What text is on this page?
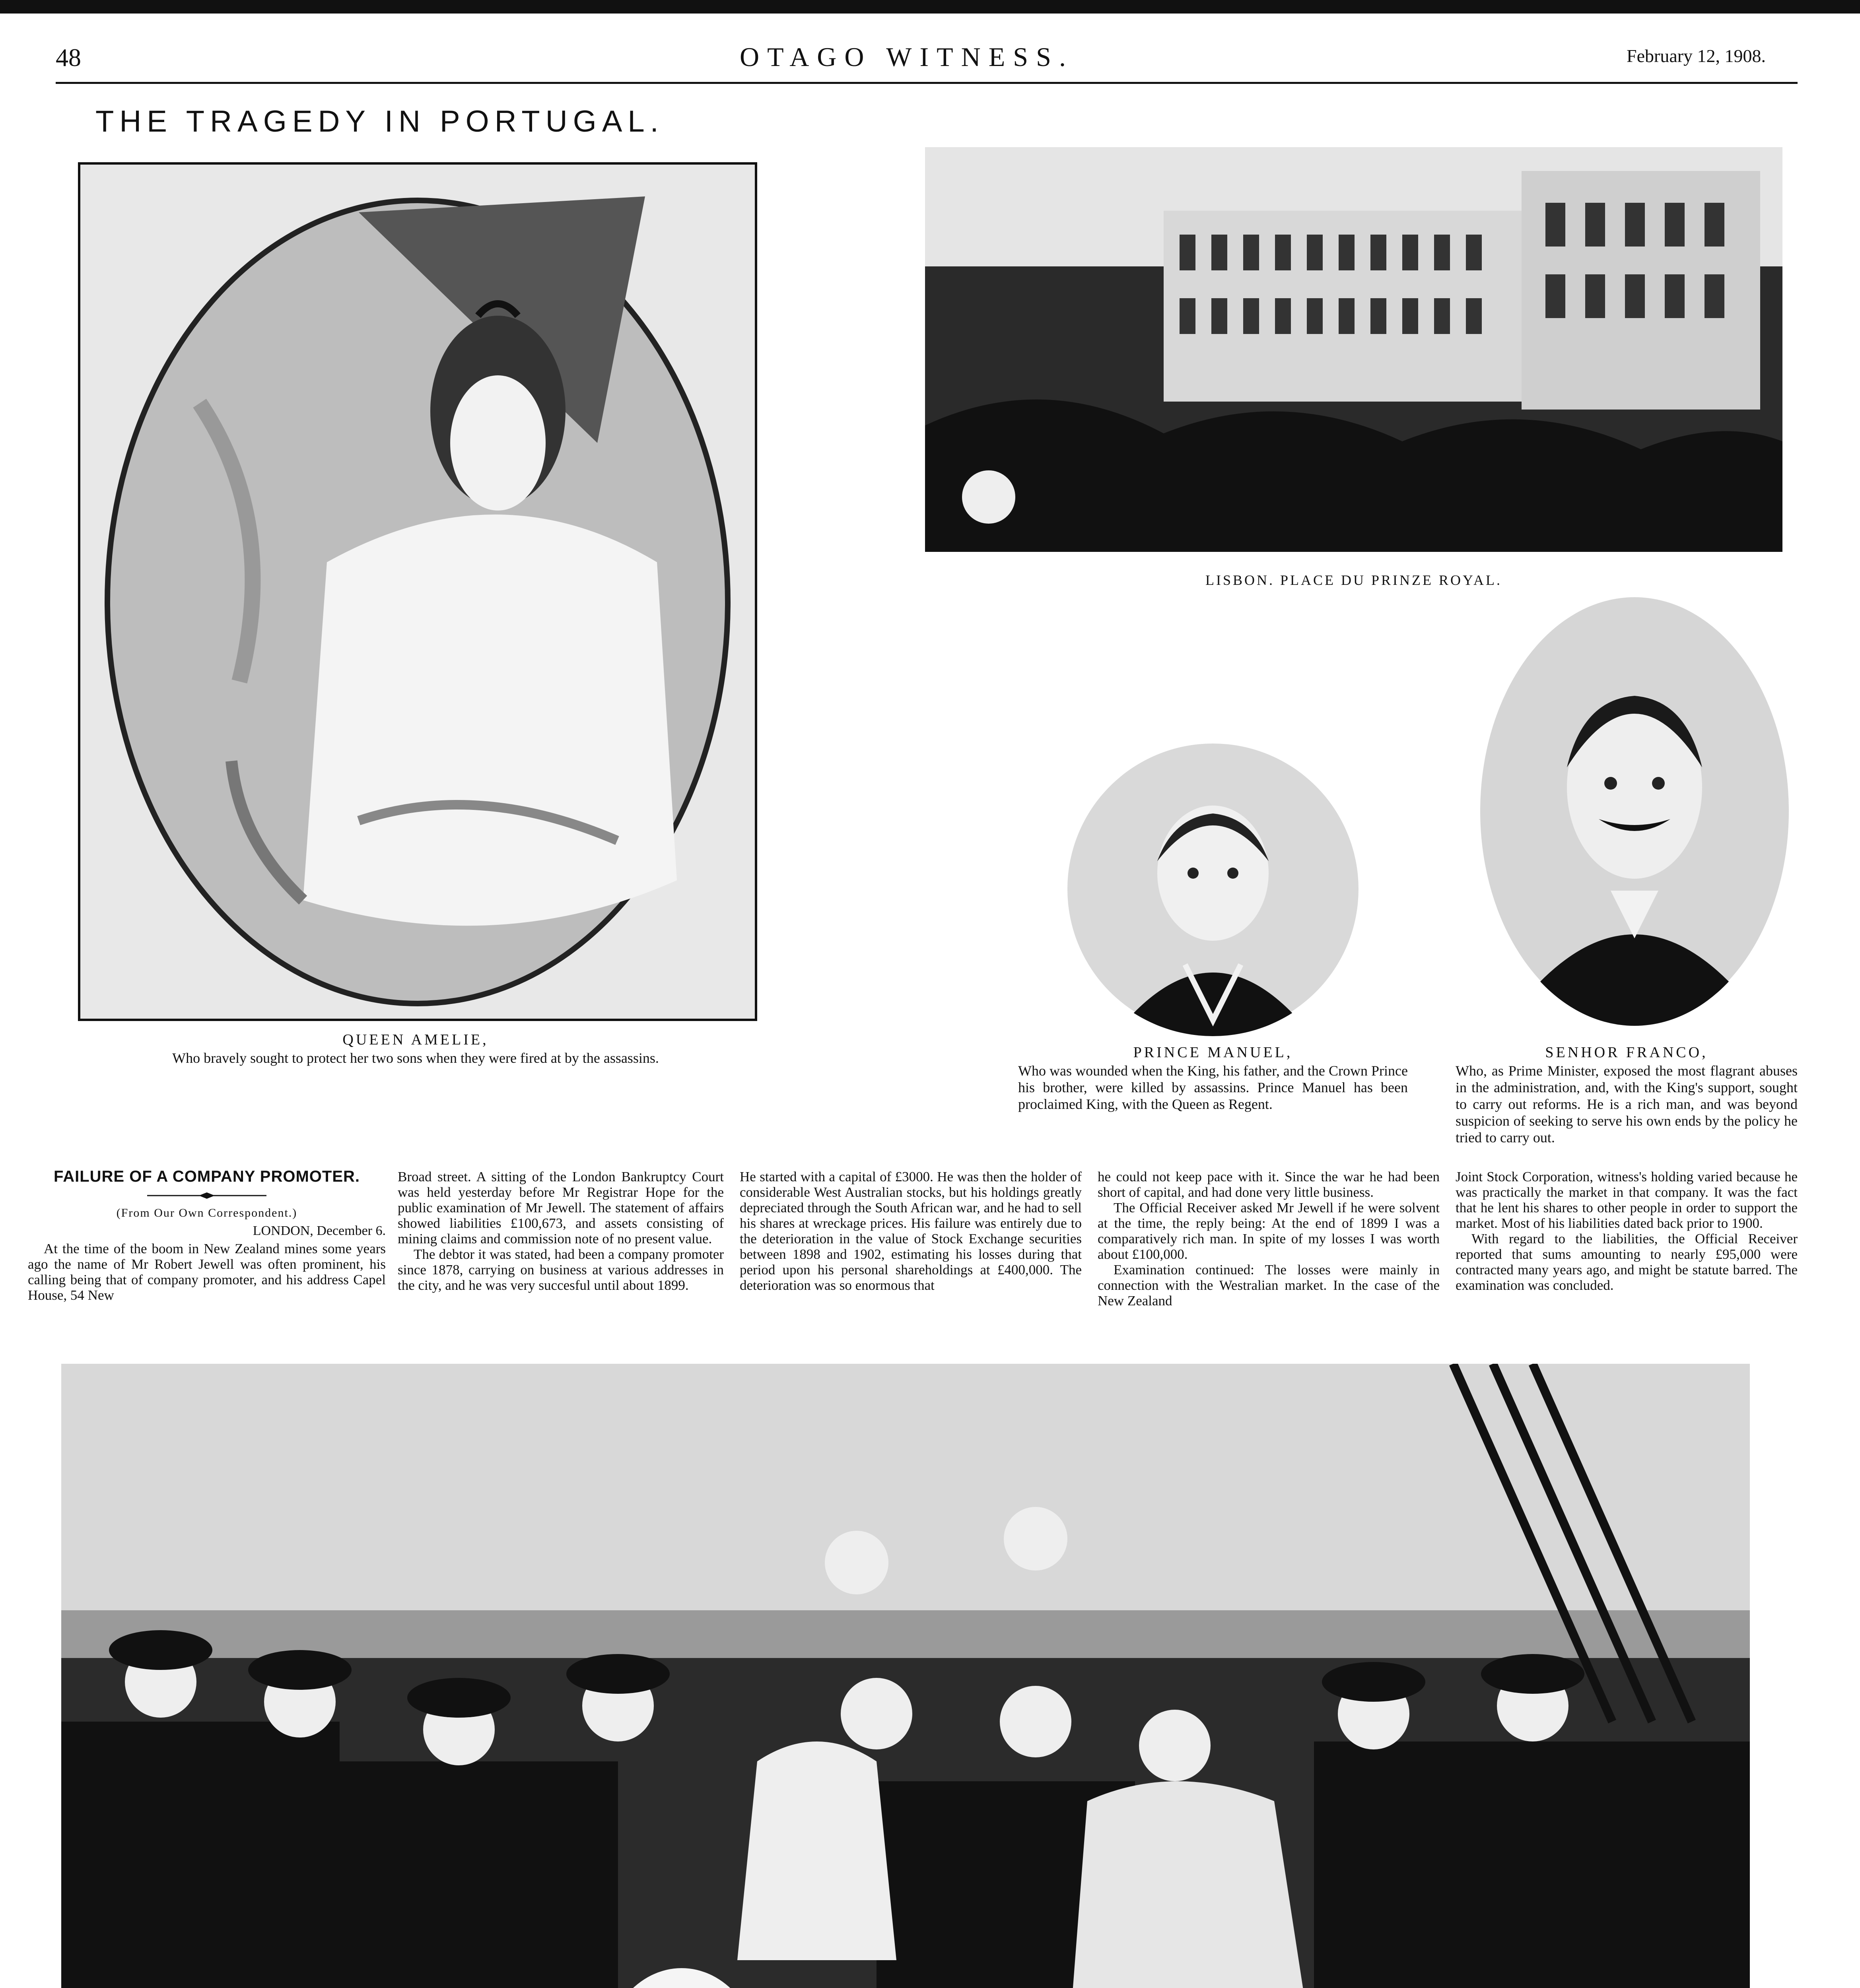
48	OTAGO WITNESS.	February 12, 1908.
THE TRAGEDY IN PORTUGAL.
QUEEN AMELIE,
Who bravely sought to protect her two sons when they were fired at by the assassins.
LISBON. PLACE DU PRINZE ROYAL.
PRINCE MANUEL,
Who was wounded when the King, his father, and the Crown Prince his brother, were killed by assassins. Prince Manuel has been proclaimed King, with the Queen as Regent.
SENHOR FRANCO,
Who, as Prime Minister, exposed the most flagrant abuses in the administration, and, with the King's support, sought to carry out reforms. He is a rich man, and was beyond suspicion of seeking to serve his own ends by the policy he tried to carry out.
FAILURE OF A COMPANY PROMOTER.
(From Our Own Correspondent.)
LONDON, December 6.

At the time of the boom in New Zealand mines some years ago the name of Mr Robert Jewell was often prominent, his calling being that of company promoter, and his address Capel House, 54 New

Broad street. A sitting of the London Bankruptcy Court was held yesterday before Mr Registrar Hope for the public examination of Mr Jewell. The statement of affairs showed liabilities £100,673, and assets consisting of mining claims and commission note of no present value.

The debtor it was stated, had been a company promoter since 1878, carrying on business at various addresses in the city, and he was very succesful until about 1899.

He started with a capital of £3000. He was then the holder of considerable West Australian stocks, but his holdings greatly depreciated through the South African war, and he had to sell his shares at wreckage prices. His failure was entirely due to the deterioration in the value of Stock Exchange securities between 1898 and 1902, estimating his losses during that period upon his personal shareholdings at £400,000. The deterioration was so enormous that

he could not keep pace with it. Since the war he had been short of capital, and had done very little business.

The Official Receiver asked Mr Jewell if he were solvent at the time, the reply being: At the end of 1899 I was a comparatively rich man. In spite of my losses I was worth about £100,000.

Examination continued: The losses were mainly in connection with the Westralian market. In the case of the New Zealand

Joint Stock Corporation, witness's holding varied because he was practically the market in that company. It was the fact that he lent his shares to other people in order to support the market. Most of his liabilities dated back prior to 1900.

With regard to the liabilities, the Official Receiver reported that sums amounting to nearly £95,000 were contracted many years ago, and might be statute barred. The examination was concluded.
